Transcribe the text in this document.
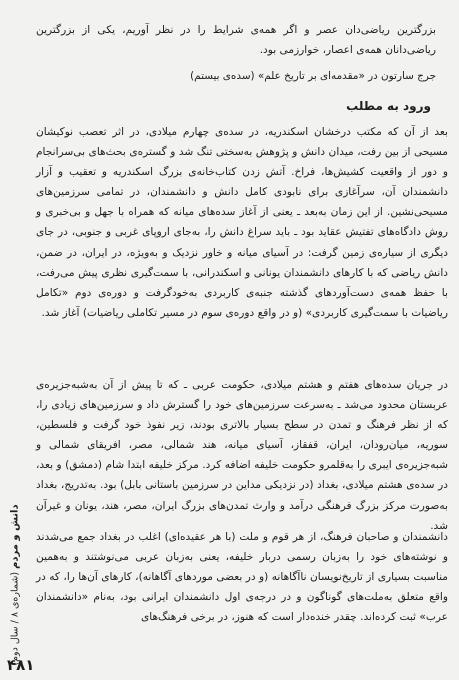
بزرگترین ریاضی‌دان عصر و اگر همه‌ی شرایط را در نظر آوریم، یکی از بزرگترین ریاضی‌دانان همه‌ی اعصار، خوارزمی بود.
جرج سارتون در «مقدمه‌ای بر تاریخ علم» (سده‌ی بیستم)
ورود به مطلب
بعد از آن که مکتب درخشان اسکندریه، در سده‌ی چهارم میلادی، در اثر تعصب نوکیشان مسیحی از بین رفت، میدان دانش و پژوهش به‌سختی تنگ شد و گستره‌ی بحث‌های بی‌سرانجام و دور از واقعیت کشیش‌ها، فراخ. آتش زدن کتاب‌خانه‌ی بزرگ اسکندریه و تعقیب و آزار دانشمندان آن، سرآغازی برای نابودی کامل دانش و دانشمندان، در تمامی سرزمین‌های مسیحی‌نشین. از این زمان به‌بعد ـ یعنی از آغاز سده‌های میانه که همراه با جهل و بی‌خبری و روش دادگاه‌های تفتیش عقاید بود ـ باید سراغ دانش را، به‌جای اروپای غربی و جنوبی، در جای دیگری از سیاره‌ی زمین گرفت: در آسیای میانه و خاور نزدیک و به‌ویژه، در ایران، در ضمن، دانش ریاضی که با کارهای دانشمندان یونانی و اسکندرانی، با سمت‌گیری نظری پیش می‌رفت، با حفظ همه‌ی دست‌آوردهای گذشته جنبه‌ی کاربردی به‌خودگرفت و دوره‌ی دوم «تکامل ریاضیات با سمت‌گیری کاربردی» (و در واقع دوره‌ی سوم در مسیر تکاملی ریاضیات) آغاز شد.
در جریان سده‌های هفتم و هشتم میلادی، حکومت عربی ـ که تا پیش از آن به‌شبه‌جزیره‌ی عربستان محدود می‌شد ـ به‌سرعت سرزمین‌های خود را گسترش داد و سرزمین‌های زیادی را، که از نظر فرهنگ و تمدن در سطح بسیار بالاتری بودند، زیر نفوذ خود گرفت و فلسطین، سوریه، میان‌رودان، ایران، قفقاز، آسیای میانه، هند شمالی، مصر، افریقای شمالی و شبه‌جزیره‌ی ایبری را به‌قلمرو حکومت خلیفه اضافه کرد. مرکز خلیفه ابتدا شام (دمشق) و بعد، در سده‌ی هشتم میلادی، بغداد (در نزدیکی مداین در سرزمین باستانی بابل) بود. به‌تدریج، بغداد به‌صورت مرکز بزرگ فرهنگی درآمد و وارث تمدن‌های بزرگ ایران، مصر، هند، یونان و غیرآن شد.
دانشمندان و صاحبان فرهنگ، از هر قوم و ملت (با هر عقیده‌ای) اغلب در بغداد جمع می‌شدند و نوشته‌های خود را به‌زبان رسمی دربار خلیفه، یعنی به‌زبان عربی می‌نوشتند و به‌همین مناسبت بسیاری از تاریخ‌نویسان ناآگاهانه (و در بعضی موردهای آگاهانه)، کارهای آن‌ها را، که در واقع متعلق به‌ملت‌های گوناگون و در درجه‌ی اول دانشمندان ایرانی بود، به‌نام «دانشمندان عرب» ثبت کرده‌اند. چقدر خنده‌دار است که هنوز، در برخی فرهنگ‌های
دانش و مردم (شماره‌ی ۸ / سال دوم)
۴۸۱
